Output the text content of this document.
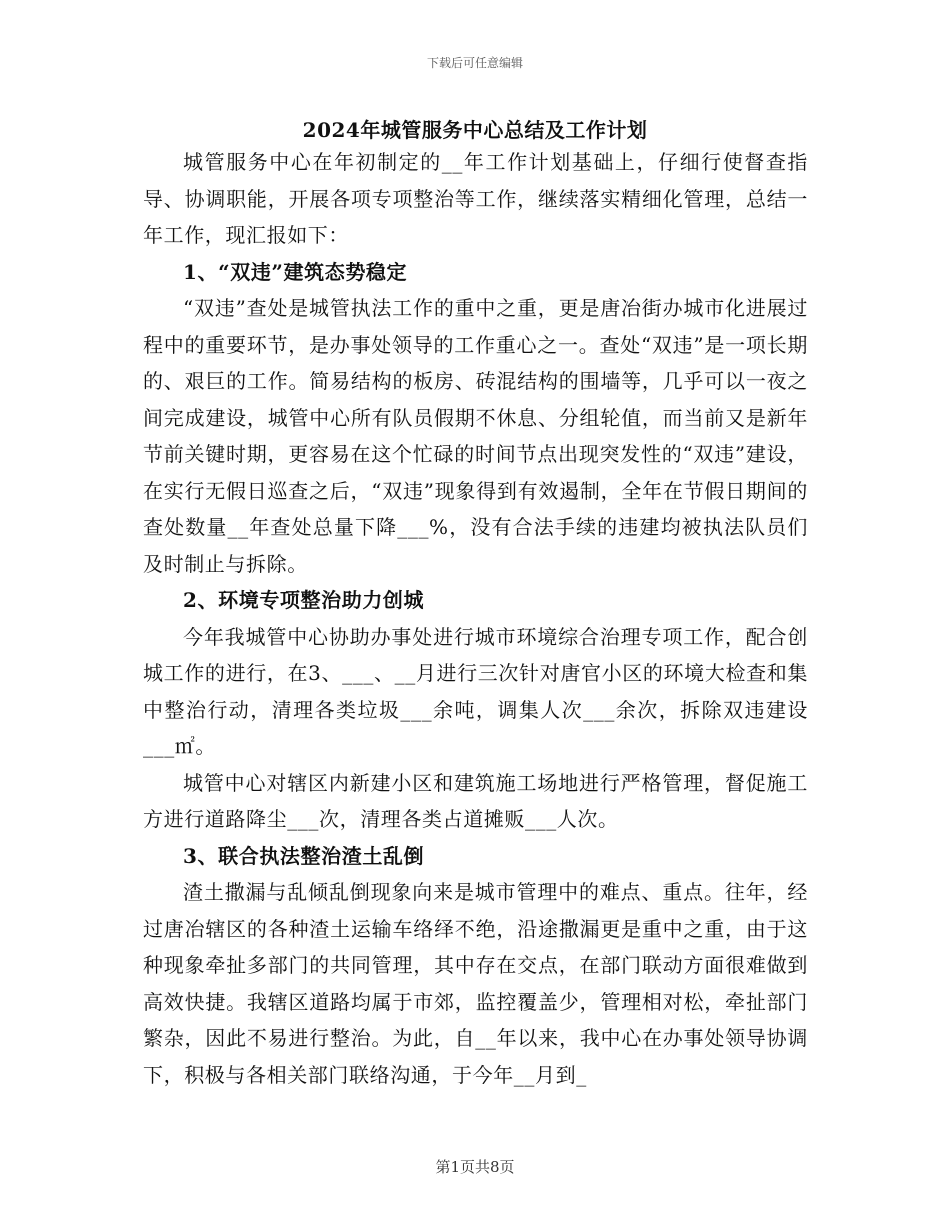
下载后可任意编辑
2024年城管服务中心总结及工作计划

城管服务中心在年初制定的__年工作计划基础上，仔细行使督查指导、协调职能，开展各项专项整治等工作，继续落实精细化管理，总结一年工作，现汇报如下：

1、“双违”建筑态势稳定

“双违”查处是城管执法工作的重中之重，更是唐冶街办城市化进展过程中的重要环节，是办事处领导的工作重心之一。查处“双违”是一项长期的、艰巨的工作。简易结构的板房、砖混结构的围墙等，几乎可以一夜之间完成建设，城管中心所有队员假期不休息、分组轮值，而当前又是新年节前关键时期，更容易在这个忙碌的时间节点出现突发性的“双违”建设，在实行无假日巡查之后，“双违”现象得到有效遏制，全年在节假日期间的查处数量__年查处总量下降___%，没有合法手续的违建均被执法队员们及时制止与拆除。

2、环境专项整治助力创城

今年我城管中心协助办事处进行城市环境综合治理专项工作，配合创城工作的进行，在3、___、__月进行三次针对唐官小区的环境大检查和集中整治行动，清理各类垃圾___余吨，调集人次___余次，拆除双违建设___㎡。

城管中心对辖区内新建小区和建筑施工场地进行严格管理，督促施工方进行道路降尘___次，清理各类占道摊贩___人次。

3、联合执法整治渣土乱倒

渣土撒漏与乱倾乱倒现象向来是城市管理中的难点、重点。往年，经过唐冶辖区的各种渣土运输车络绎不绝，沿途撒漏更是重中之重，由于这种现象牵扯多部门的共同管理，其中存在交点，在部门联动方面很难做到高效快捷。我辖区道路均属于市郊，监控覆盖少，管理相对松，牵扯部门繁杂，因此不易进行整治。为此，自__年以来，我中心在办事处领导协调下，积极与各相关部门联络沟通，于今年__月到_

第1页共8页
